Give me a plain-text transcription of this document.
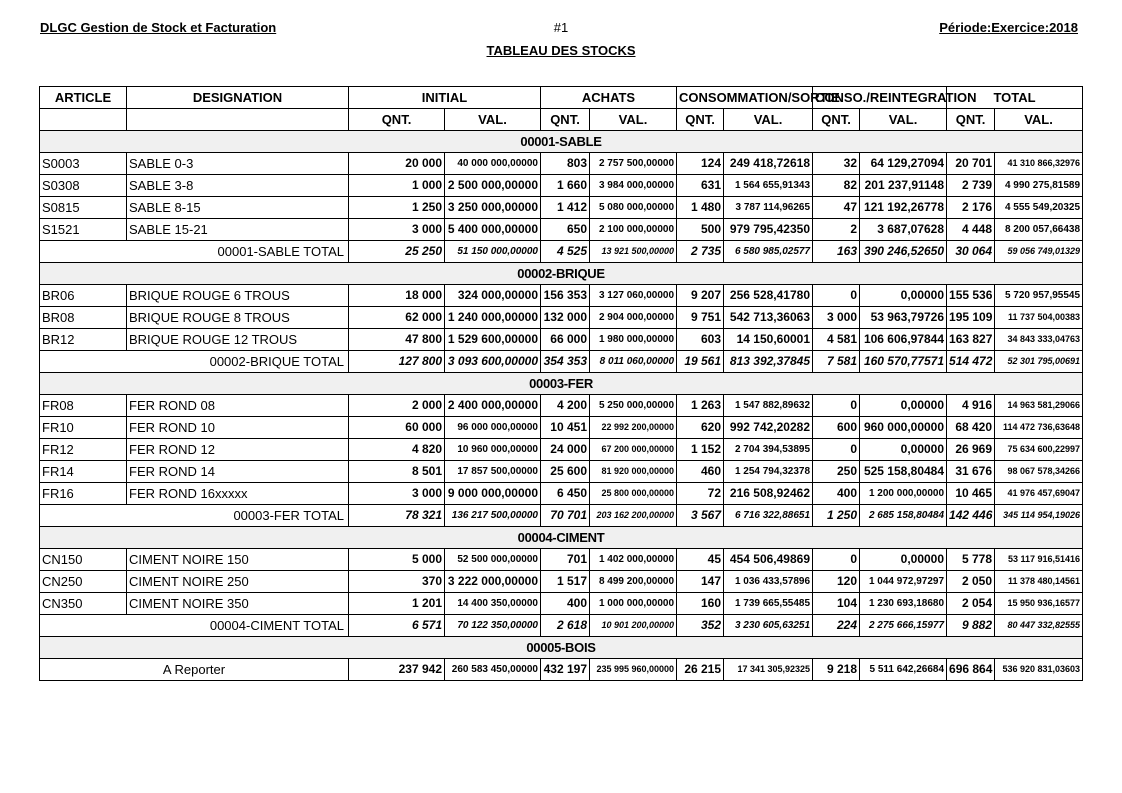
DLGC Gestion de Stock et Facturation	#1	Période:Exercice:2018
TABLEAU DES STOCKS
ARTICLE	DESIGNATION	INITIAL		ACHATS		CONSOMMATION/SORTIE		CONSO./REINTEGRATION		TOTAL	
		QNT.	VAL.	QNT.	VAL.	QNT.	VAL.	QNT.	VAL.	QNT.	VAL.
00001-SABLE											
S0003	SABLE 0-3	20 000	40 000 000,00000	803	2 757 500,00000	124	249 418,72618	32	64 129,27094	20 701	41 310 866,32976
S0308	SABLE 3-8	1 000	2 500 000,00000	1 660	3 984 000,00000	631	1 564 655,91343	82	201 237,91148	2 739	4 990 275,81589
S0815	SABLE 8-15	1 250	3 250 000,00000	1 412	5 080 000,00000	1 480	3 787 114,96265	47	121 192,26778	2 176	4 555 549,20325
S1521	SABLE 15-21	3 000	5 400 000,00000	650	2 100 000,00000	500	979 795,42350	2	3 687,07628	4 448	8 200 057,66438
	00001-SABLE TOTAL	25 250	51 150 000,00000	4 525	13 921 500,00000	2 735	6 580 985,02577	163	390 246,52650	30 064	59 056 749,01329
00002-BRIQUE											
BR06	BRIQUE ROUGE 6 TROUS	18 000	324 000,00000	156 353	3 127 060,00000	9 207	256 528,41780	0	0,00000	155 536	5 720 957,95545
BR08	BRIQUE ROUGE 8 TROUS	62 000	1 240 000,00000	132 000	2 904 000,00000	9 751	542 713,36063	3 000	53 963,79726	195 109	11 737 504,00383
BR12	BRIQUE ROUGE 12 TROUS	47 800	1 529 600,00000	66 000	1 980 000,00000	603	14 150,60001	4 581	106 606,97844	163 827	34 843 333,04763
	00002-BRIQUE TOTAL	127 800	3 093 600,00000	354 353	8 011 060,00000	19 561	813 392,37845	7 581	160 570,77571	514 472	52 301 795,00691
00003-FER											
FR08	FER ROND 08	2 000	2 400 000,00000	4 200	5 250 000,00000	1 263	1 547 882,89632	0	0,00000	4 916	14 963 581,29066
FR10	FER ROND 10	60 000	96 000 000,00000	10 451	22 992 200,00000	620	992 742,20282	600	960 000,00000	68 420	114 472 736,63648
FR12	FER ROND 12	4 820	10 960 000,00000	24 000	67 200 000,00000	1 152	2 704 394,53895	0	0,00000	26 969	75 634 600,22997
FR14	FER ROND 14	8 501	17 857 500,00000	25 600	81 920 000,00000	460	1 254 794,32378	250	525 158,80484	31 676	98 067 578,34266
FR16	FER ROND 16xxxxx	3 000	9 000 000,00000	6 450	25 800 000,00000	72	216 508,92462	400	1 200 000,00000	10 465	41 976 457,69047
	00003-FER TOTAL	78 321	136 217 500,00000	70 701	203 162 200,00000	3 567	6 716 322,88651	1 250	2 685 158,80484	142 446	345 114 954,19026
00004-CIMENT											
CN150	CIMENT NOIRE 150	5 000	52 500 000,00000	701	1 402 000,00000	45	454 506,49869	0	0,00000	5 778	53 117 916,51416
CN250	CIMENT NOIRE 250	370	3 222 000,00000	1 517	8 499 200,00000	147	1 036 433,57896	120	1 044 972,97297	2 050	11 378 480,14561
CN350	CIMENT NOIRE 350	1 201	14 400 350,00000	400	1 000 000,00000	160	1 739 665,55485	104	1 230 693,18680	2 054	15 950 936,16577
	00004-CIMENT TOTAL	6 571	70 122 350,00000	2 618	10 901 200,00000	352	3 230 605,63251	224	2 275 666,15977	9 882	80 447 332,82555
00005-BOIS											
A Reporter		237 942	260 583 450,00000	432 197	235 995 960,00000	26 215	17 341 305,92325	9 218	5 511 642,26684	696 864	536 920 831,03603
